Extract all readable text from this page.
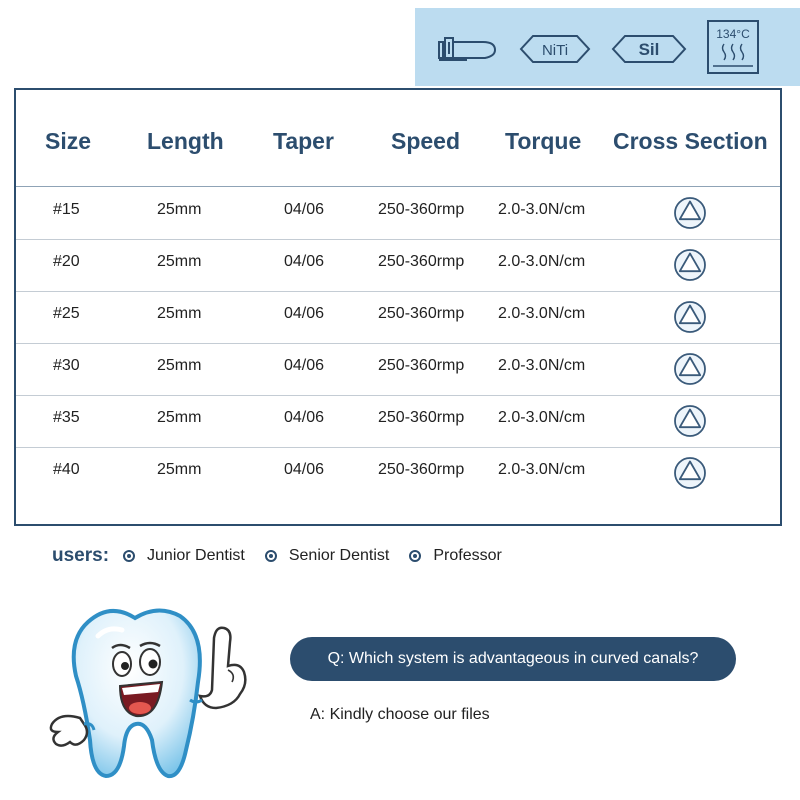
NiTi	Sil
134°C
Size Length Taper Speed Torque Cross Section
#15	25mm	04/06	250-360rmp 2.0-3.0N/cm
#20	25mm	04/06	250-360rmp 2.0-3.0N/cm
#25	25mm	04/06	250-360rmp 2.0-3.0N/cm
#30	25mm	04/06	250-360rmp 2.0-3.0N/cm
#35	25mm	04/06	250-360rmp 2.0-3.0N/cm
#40	25mm	04/06	250-360rmp 2.0-3.0N/cm
users: Junior Dentist	Senior Dentist	Professor
Q: Which system is advantageous in curved canals?
A: Kindly choose our files
